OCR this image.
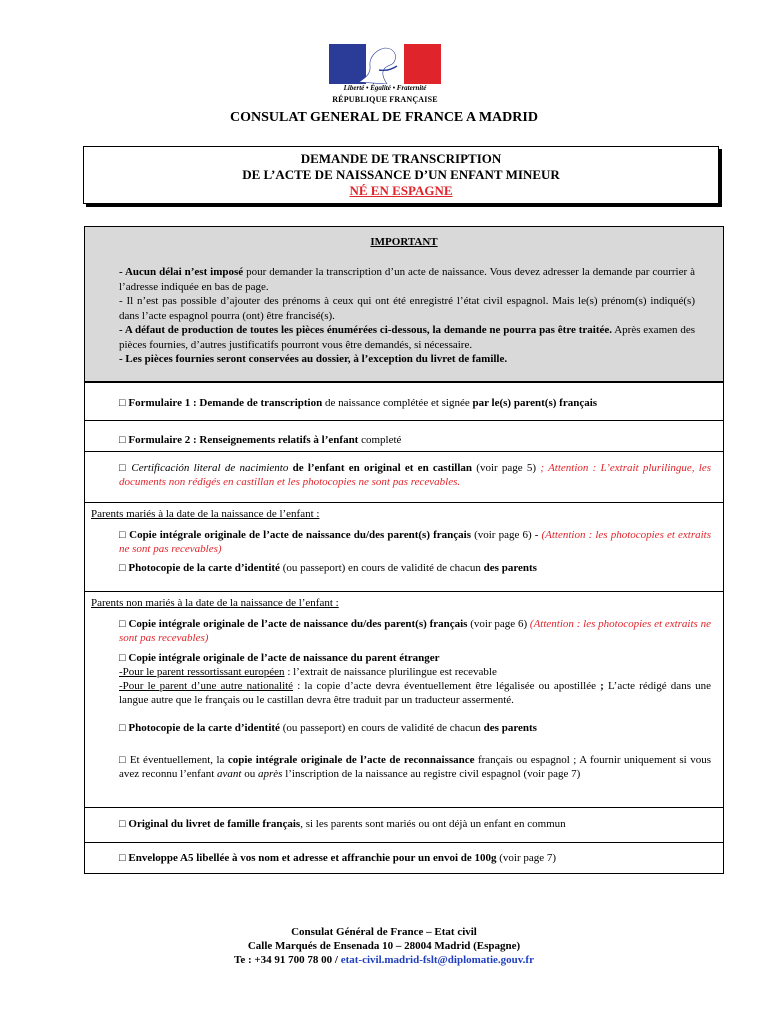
Liberté • Égalité • Fraternité
RÉPUBLIQUE FRANÇAISE
CONSULAT GENERAL DE FRANCE A MADRID
DEMANDE DE TRANSCRIPTION
DE L’ACTE DE NAISSANCE D’UN ENFANT MINEUR
NÉ EN ESPAGNE
IMPORTANT
- Aucun délai n’est imposé pour demander la transcription d’un acte de naissance. Vous devez adresser la demande par courrier à l’adresse indiquée en bas de page.
- Il n’est pas possible d’ajouter des prénoms à ceux qui ont été enregistré l’état civil espagnol. Mais le(s) prénom(s) indiqué(s) dans l’acte espagnol pourra (ont) être francisé(s).
- A défaut de production de toutes les pièces énumérées ci-dessous, la demande ne pourra pas être traitée. Après examen des pièces fournies, d’autres justificatifs pourront vous être demandés, si nécessaire.
- Les pièces fournies seront conservées au dossier, à l’exception du livret de famille.
□ Formulaire 1 : Demande de transcription de naissance complétée et signée par le(s) parent(s) français
□ Formulaire 2 : Renseignements relatifs à l’enfant completé
□ Certificación literal de nacimiento de l’enfant en original et en castillan (voir page 5) ; Attention : L’extrait plurilingue, les documents non rédigés en castillan et les photocopies ne sont pas recevables.
Parents mariés à la date de la naissance de l’enfant :
□ Copie intégrale originale de l’acte de naissance du/des parent(s) français (voir page 6) - (Attention : les photocopies et extraits ne sont pas recevables)
□ Photocopie de la carte d’identité (ou passeport) en cours de validité de chacun des parents
Parents non mariés à la date de la naissance de l’enfant :
□ Copie intégrale originale de l’acte de naissance du/des parent(s) français (voir page 6) (Attention : les photocopies et extraits ne sont pas recevables)
□ Copie intégrale originale de l’acte de naissance du parent étranger
-Pour le parent ressortissant européen : l’extrait de naissance plurilingue est recevable
-Pour le parent d’une autre nationalité : la copie d’acte devra éventuellement être légalisée ou apostillée ; L’acte rédigé dans une langue autre que le français ou le castillan devra être traduit par un traducteur assermenté.
□ Photocopie de la carte d’identité (ou passeport) en cours de validité de chacun des parents
□ Et éventuellement, la copie intégrale originale de l’acte de reconnaissance français ou espagnol ; A fournir uniquement si vous avez reconnu l’enfant avant ou après l’inscription de la naissance au registre civil espagnol (voir page 7)
□ Original du livret de famille français, si les parents sont mariés ou ont déjà un enfant en commun
□ Enveloppe A5 libellée à vos nom et adresse et affranchie pour un envoi de 100g (voir page 7)
Consulat Général de France – Etat civil
Calle Marqués de Ensenada 10 – 28004 Madrid (Espagne)
Te : +34 91 700 78 00 / etat-civil.madrid-fslt@diplomatie.gouv.fr
